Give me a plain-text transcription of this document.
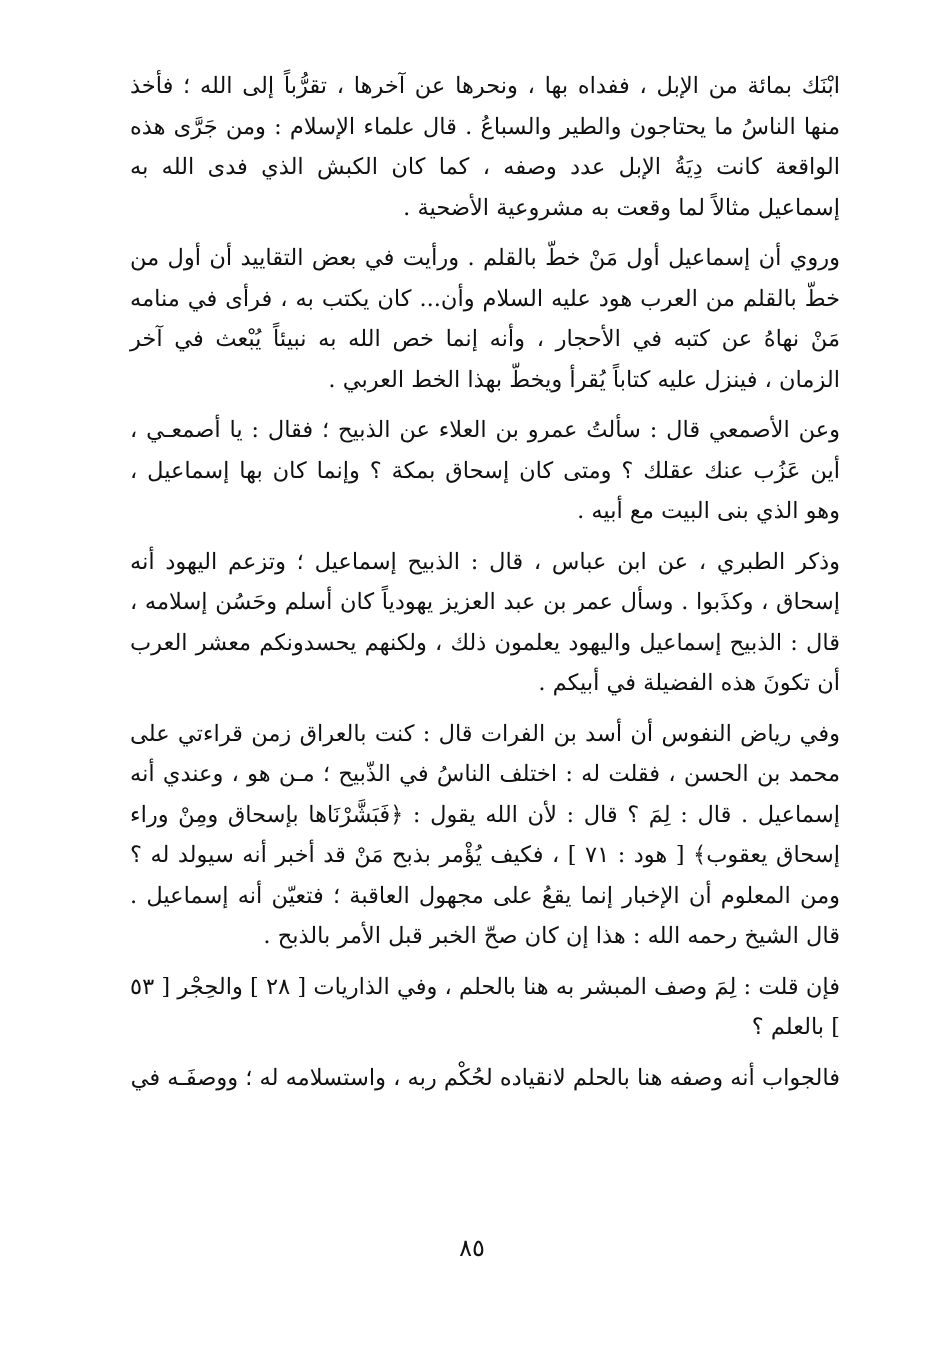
ابْنَك بمائة من الإبل ، ففداه بها ، ونحرها عن آخرها ، تقرُّباً إلى الله ؛ فأخذ منها الناسُ ما يحتاجون والطير والسباعُ . قال علماء الإسلام : ومن جَرَّى هذه الواقعة كانت دِيَةُ الإبل عدد وصفه ، كما كان الكبش الذي فدى الله به إسماعيل مثالاً لما وقعت به مشروعية الأضحية .

وروي أن إسماعيل أول مَنْ خطّ بالقلم . ورأيت في بعض التقاييد أن أول من خطّ بالقلم من العرب هود عليه السلام وأن... كان يكتب به ، فرأى في منامه مَنْ نهاهُ عن كتبه في الأحجار ، وأنه إنما خص الله به نبيئاً يُبْعث في آخر الزمان ، فينزل عليه كتاباً يُقرأ ويخطّ بهذا الخط العربي .

وعن الأصمعي قال : سألتُ عمرو بن العلاء عن الذبيح ؛ فقال : يا أصمعـي ، أين عَزُب عنك عقلك ؟ ومتى كان إسحاق بمكة ؟ وإنما كان بها إسماعيل ، وهو الذي بنى البيت مع أبيه .

وذكر الطبري ، عن ابن عباس ، قال : الذبيح إسماعيل ؛ وتزعم اليهود أنه إسحاق ، وكذَبوا . وسأل عمر بن عبد العزيز يهودياً كان أسلم وحَسُن إسلامه ، قال : الذبيح إسماعيل واليهود يعلمون ذلك ، ولكنهم يحسدونكم معشر العرب أن تكونَ هذه الفضيلة في أبيكم .

وفي رياض النفوس أن أسد بن الفرات قال : كنت بالعراق زمن قراءتي على محمد بن الحسن ، فقلت له : اختلف الناسُ في الذّبيح ؛ مـن هو ، وعندي أنه إسماعيل . قال : لِمَ ؟ قال : لأن الله يقول : ﴿فَبَشَّرْنَاها بإسحاق ومِنْ وراء إسحاق يعقوب﴾ [ هود : ٧١ ] ، فكيف يُؤْمر بذبح مَنْ قد أخبر أنه سيولد له ؟ ومن المعلوم أن الإخبار إنما يقعُ على مجهول العاقبة ؛ فتعيّن أنه إسماعيل . قال الشيخ رحمه الله : هذا إن كان صحّ الخبر قبل الأمر بالذبح .

فإن قلت : لِمَ وصف المبشر به هنا بالحلم ، وفي الذاريات [ ٢٨ ] والحِجْر [ ٥٣ ] بالعلم ؟

فالجواب أنه وصفه هنا بالحلم لانقياده لحُكْم ربه ، واستسلامه له ؛ ووصفَـه في

٨٥
